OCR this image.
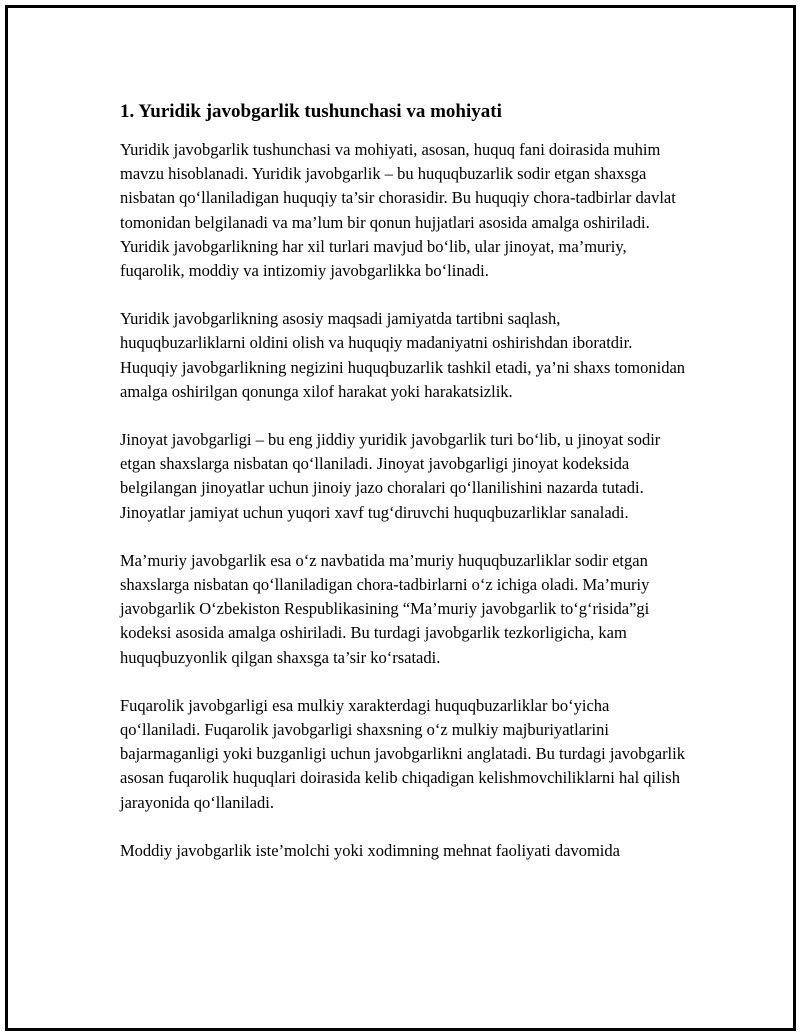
1. Yuridik javobgarlik tushunchasi va mohiyati

Yuridik javobgarlik tushunchasi va mohiyati, asosan, huquq fani doirasida muhim mavzu hisoblanadi. Yuridik javobgarlik – bu huquqbuzarlik sodir etgan shaxsga nisbatan qo‘llaniladigan huquqiy ta’sir chorasidir. Bu huquqiy chora-tadbirlar davlat tomonidan belgilanadi va ma’lum bir qonun hujjatlari asosida amalga oshiriladi. Yuridik javobgarlikning har xil turlari mavjud bo‘lib, ular jinoyat, ma’muriy, fuqarolik, moddiy va intizomiy javobgarlikka bo‘linadi.

Yuridik javobgarlikning asosiy maqsadi jamiyatda tartibni saqlash, huquqbuzarliklarni oldini olish va huquqiy madaniyatni oshirishdan iboratdir. Huquqiy javobgarlikning negizini huquqbuzarlik tashkil etadi, ya’ni shaxs tomonidan amalga oshirilgan qonunga xilof harakat yoki harakatsizlik.

Jinoyat javobgarligi – bu eng jiddiy yuridik javobgarlik turi bo‘lib, u jinoyat sodir etgan shaxslarga nisbatan qo‘llaniladi. Jinoyat javobgarligi jinoyat kodeksida belgilangan jinoyatlar uchun jinoiy jazo choralari qo‘llanilishini nazarda tutadi. Jinoyatlar jamiyat uchun yuqori xavf tug‘diruvchi huquqbuzarliklar sanaladi.

Ma’muriy javobgarlik esa o‘z navbatida ma’muriy huquqbuzarliklar sodir etgan shaxslarga nisbatan qo‘llaniladigan chora-tadbirlarni o‘z ichiga oladi. Ma’muriy javobgarlik O‘zbekiston Respublikasining “Ma’muriy javobgarlik to‘g‘risida”gi kodeksi asosida amalga oshiriladi. Bu turdagi javobgarlik tezkorligicha, kam huquqbuzyonlik qilgan shaxsga ta’sir ko‘rsatadi.

Fuqarolik javobgarligi esa mulkiy xarakterdagi huquqbuzarliklar bo‘yicha qo‘llaniladi. Fuqarolik javobgarligi shaxsning o‘z mulkiy majburiyatlarini bajarmaganligi yoki buzganligi uchun javobgarlikni anglatadi. Bu turdagi javobgarlik asosan fuqarolik huquqlari doirasida kelib chiqadigan kelishmovchiliklarni hal qilish jarayonida qo‘llaniladi.

Moddiy javobgarlik iste’molchi yoki xodimning mehnat faoliyati davomida
